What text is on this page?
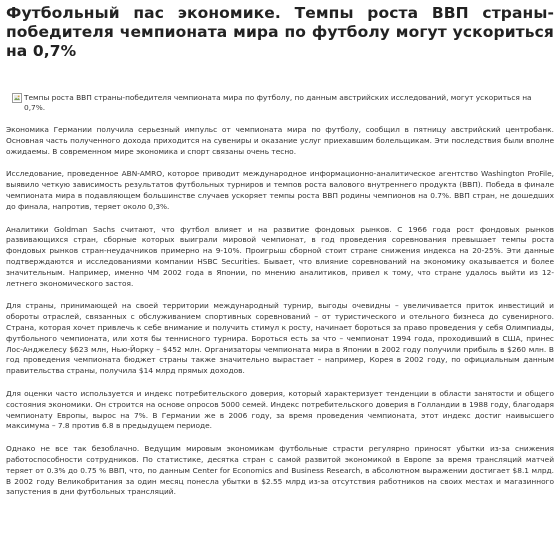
Футбольный пас экономике. Темпы роста ВВП страны-победителя чемпионата мира по футболу могут ускориться на 0,7%
Темпы роста ВВП страны-победителя чемпионата мира по футболу, по данным австрийских исследований, могут ускориться на 0,7%.

Экономика Германии получила серьезный импульс от чемпионата мира по футболу, сообщил в пятницу австрийский центробанк. Основная часть полученного дохода приходится на сувениры и оказание услуг приехавшим болельщикам. Эти последствия были вполне ожидаемы. В современном мире экономика и спорт связаны очень тесно.

Исследование, проведенное ABN-AMRO, которое приводит международное информационно-аналитическое агентство Washington ProFile, выявило четкую зависимость результатов футбольных турниров и темпов роста валового внутреннего продукта (ВВП). Победа в финале чемпионата мира в подавляющем большинстве случаев ускоряет темпы роста ВВП родины чемпионов на 0.7%. ВВП стран, не дошедших до финала, напротив, теряет около 0,3%.

Аналитики Goldman Sachs считают, что футбол влияет и на развитие фондовых рынков. С 1966 года рост фондовых рынков развивающихся стран, сборные которых выиграли мировой чемпионат, в год проведения соревнования превышает темпы роста фондовых рынков стран-неудачников примерно на 9-10%. Проигрыш сборной стоит стране снижения индекса на 20-25%. Эти данные подтверждаются и исследованиями компании HSBC Securities. Бывает, что влияние соревнований на экономику оказывается и более значительным. Например, именно ЧМ 2002 года в Японии, по мнению аналитиков, привел к тому, что стране удалось выйти из 12-летнего экономического застоя.

Для страны, принимающей на своей территории международный турнир, выгоды очевидны – увеличивается приток инвестиций и обороты отраслей, связанных с обслуживанием спортивных соревнований – от туристического и отельного бизнеса до сувенирного. Страна, которая хочет привлечь к себе внимание и получить стимул к росту, начинает бороться за право проведения у себя Олимпиады, футбольного чемпионата, или хотя бы теннисного турнира. Бороться есть за что – чемпионат 1994 года, проходивший в США, принес Лос-Анджелесу $623 млн, Нью-Йорку – $452 млн. Организаторы чемпионата мира в Японии в 2002 году получили прибыль в $260 млн. В год проведения чемпионата бюджет страны также значительно вырастает – например, Корея в 2002 году, по официальным данным правительства страны, получила $14 млрд прямых доходов.

Для оценки часто используется и индекс потребительского доверия, который характеризует тенденции в области занятости и общего состояния экономики. Он строится на основе опросов 5000 семей. Индекс потребительского доверия в Голландии в 1988 году, благодаря чемпионату Европы, вырос на 7%. В Германии же в 2006 году, за время проведения чемпионата, этот индекс достиг наивысшего максимума – 7.8 против 6.8 в предыдущем периоде.

Однако не все так безоблачно. Ведущим мировым экономикам футбольные страсти регулярно приносят убытки из-за снижения работоспособности сотрудников. По статистике, десятка стран с самой развитой экономикой в Европе за время трансляций матчей теряет от 0.3% до 0.75 % ВВП, что, по данным Center for Economics and Business Research, в абсолютном выражении достигает $8.1 млрд. В 2002 году Великобритания за один месяц понесла убытки в $2.55 млрд из-за отсутствия работников на своих местах и магазинного запустения в дни футбольных трансляций.
